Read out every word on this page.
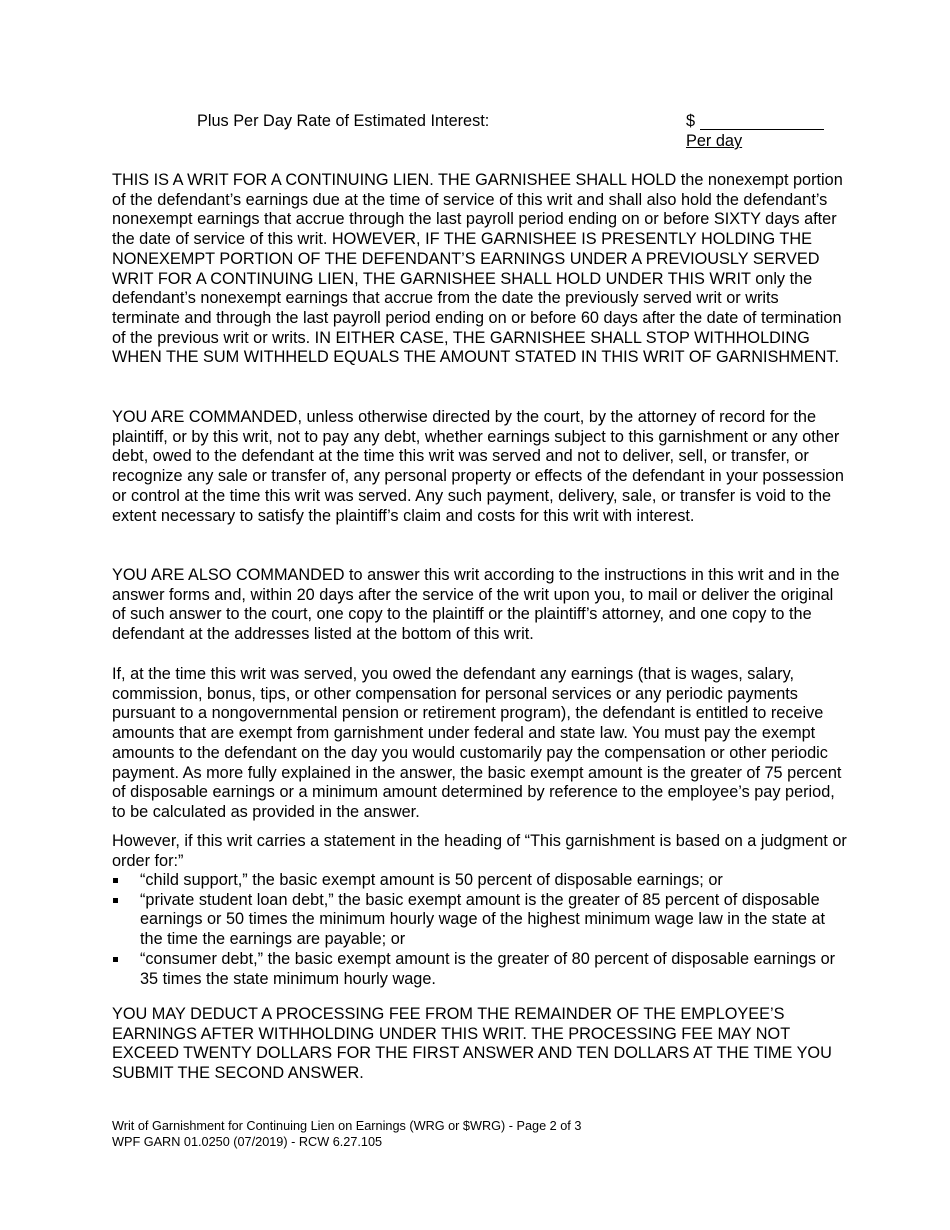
Plus Per Day Rate of Estimated Interest:	$
Per day

THIS IS A WRIT FOR A CONTINUING LIEN. THE GARNISHEE SHALL HOLD the nonexempt portion of the defendant’s earnings due at the time of service of this writ and shall also hold the defendant’s nonexempt earnings that accrue through the last payroll period ending on or before SIXTY days after the date of service of this writ. HOWEVER, IF THE GARNISHEE IS PRESENTLY HOLDING THE NONEXEMPT PORTION OF THE DEFENDANT’S EARNINGS UNDER A PREVIOUSLY SERVED WRIT FOR A CONTINUING LIEN, THE GARNISHEE SHALL HOLD UNDER THIS WRIT only the defendant’s nonexempt earnings that accrue from the date the previously served writ or writs terminate and through the last payroll period ending on or before 60 days after the date of termination of the previous writ or writs. IN EITHER CASE, THE GARNISHEE SHALL STOP WITHHOLDING WHEN THE SUM WITHHELD EQUALS THE AMOUNT STATED IN THIS WRIT OF GARNISHMENT.

YOU ARE COMMANDED, unless otherwise directed by the court, by the attorney of record for the plaintiff, or by this writ, not to pay any debt, whether earnings subject to this garnishment or any other debt, owed to the defendant at the time this writ was served and not to deliver, sell, or transfer, or recognize any sale or transfer of, any personal property or effects of the defendant in your possession or control at the time this writ was served. Any such payment, delivery, sale, or transfer is void to the extent necessary to satisfy the plaintiff’s claim and costs for this writ with interest.

YOU ARE ALSO COMMANDED to answer this writ according to the instructions in this writ and in the answer forms and, within 20 days after the service of the writ upon you, to mail or deliver the original of such answer to the court, one copy to the plaintiff or the plaintiff’s attorney, and one copy to the defendant at the addresses listed at the bottom of this writ.

If, at the time this writ was served, you owed the defendant any earnings (that is wages, salary, commission, bonus, tips, or other compensation for personal services or any periodic payments pursuant to a nongovernmental pension or retirement program), the defendant is entitled to receive amounts that are exempt from garnishment under federal and state law. You must pay the exempt amounts to the defendant on the day you would customarily pay the compensation or other periodic payment. As more fully explained in the answer, the basic exempt amount is the greater of 75 percent of disposable earnings or a minimum amount determined by reference to the employee’s pay period, to be calculated as provided in the answer.

However, if this writ carries a statement in the heading of “This garnishment is based on a judgment or order for:”

“child support,” the basic exempt amount is 50 percent of disposable earnings; or
“private student loan debt,” the basic exempt amount is the greater of 85 percent of disposable earnings or 50 times the minimum hourly wage of the highest minimum wage law in the state at the time the earnings are payable; or
“consumer debt,” the basic exempt amount is the greater of 80 percent of disposable earnings or 35 times the state minimum hourly wage.

YOU MAY DEDUCT A PROCESSING FEE FROM THE REMAINDER OF THE EMPLOYEE’S EARNINGS AFTER WITHHOLDING UNDER THIS WRIT. THE PROCESSING FEE MAY NOT EXCEED TWENTY DOLLARS FOR THE FIRST ANSWER AND TEN DOLLARS AT THE TIME YOU SUBMIT THE SECOND ANSWER.

Writ of Garnishment for Continuing Lien on Earnings (WRG or $WRG) - Page 2 of 3
WPF GARN 01.0250 (07/2019) - RCW 6.27.105
